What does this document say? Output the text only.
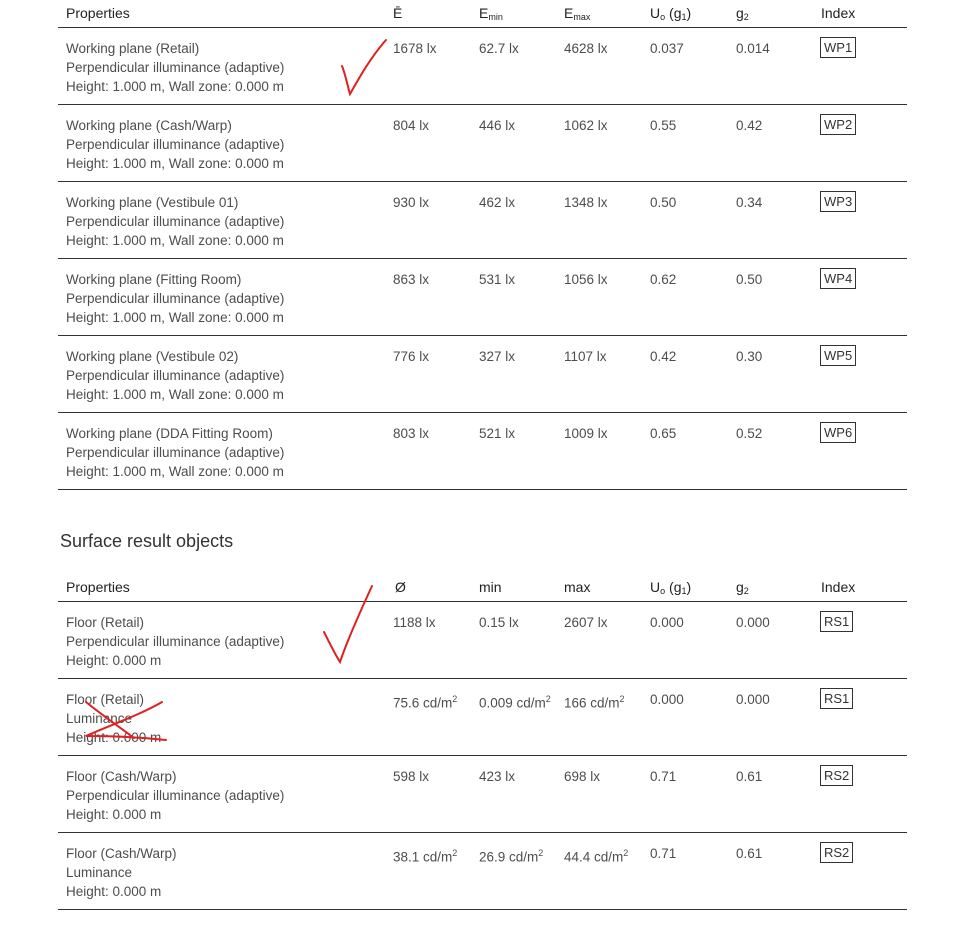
Properties	Ē	$E_{min}$	$E_{max}$	$U_o$ $(g_1)$	$g_2$	Index
Working plane (Retail)
Perpendicular illuminance (adaptive)
Height: 1.000 m, Wall zone: 0.000 m
1678 lx	62.7 lx	4628 lx	0.037	0.014	WP1
Working plane (Cash/Warp)
Perpendicular illuminance (adaptive)
Height: 1.000 m, Wall zone: 0.000 m
804 lx	446 lx	1062 lx	0.55	0.42	WP2
Working plane (Vestibule 01)
Perpendicular illuminance (adaptive)
Height: 1.000 m, Wall zone: 0.000 m
930 lx	462 lx	1348 lx	0.50	0.34	WP3
Working plane (Fitting Room)
Perpendicular illuminance (adaptive)
Height: 1.000 m, Wall zone: 0.000 m
863 lx	531 lx	1056 lx	0.62	0.50	WP4
Working plane (Vestibule 02)
Perpendicular illuminance (adaptive)
Height: 1.000 m, Wall zone: 0.000 m
776 lx	327 lx	1107 lx	0.42	0.30	WP5
Working plane (DDA Fitting Room)
Perpendicular illuminance (adaptive)
Height: 1.000 m, Wall zone: 0.000 m
803 lx	521 lx	1009 lx	0.65	0.52	WP6
Surface result objects
Properties	Ø	min	max	$U_o$ $(g_1)$	$g_2$	Index
Floor (Retail)
Perpendicular illuminance (adaptive)
Height: 0.000 m
1188 lx	0.15 lx	2607 lx	0.000	0.000	RS1
Floor (Retail)
Luminance
Height: 0.000 m
75.6 $cd/m^2$ 0.009 $cd/m^2$ 166 $cd/m^2$ 0.000	0.000	RS1
Floor (Cash/Warp)
Perpendicular illuminance (adaptive)
Height: 0.000 m
598 lx	423 lx	698 lx	0.71	0.61	RS2
Floor (Cash/Warp)
Luminance
Height: 0.000 m
38.1 $cd/m^2$ 26.9 $cd/m^2$ 44.4 $cd/m^2$ 0.71	0.61	RS2
